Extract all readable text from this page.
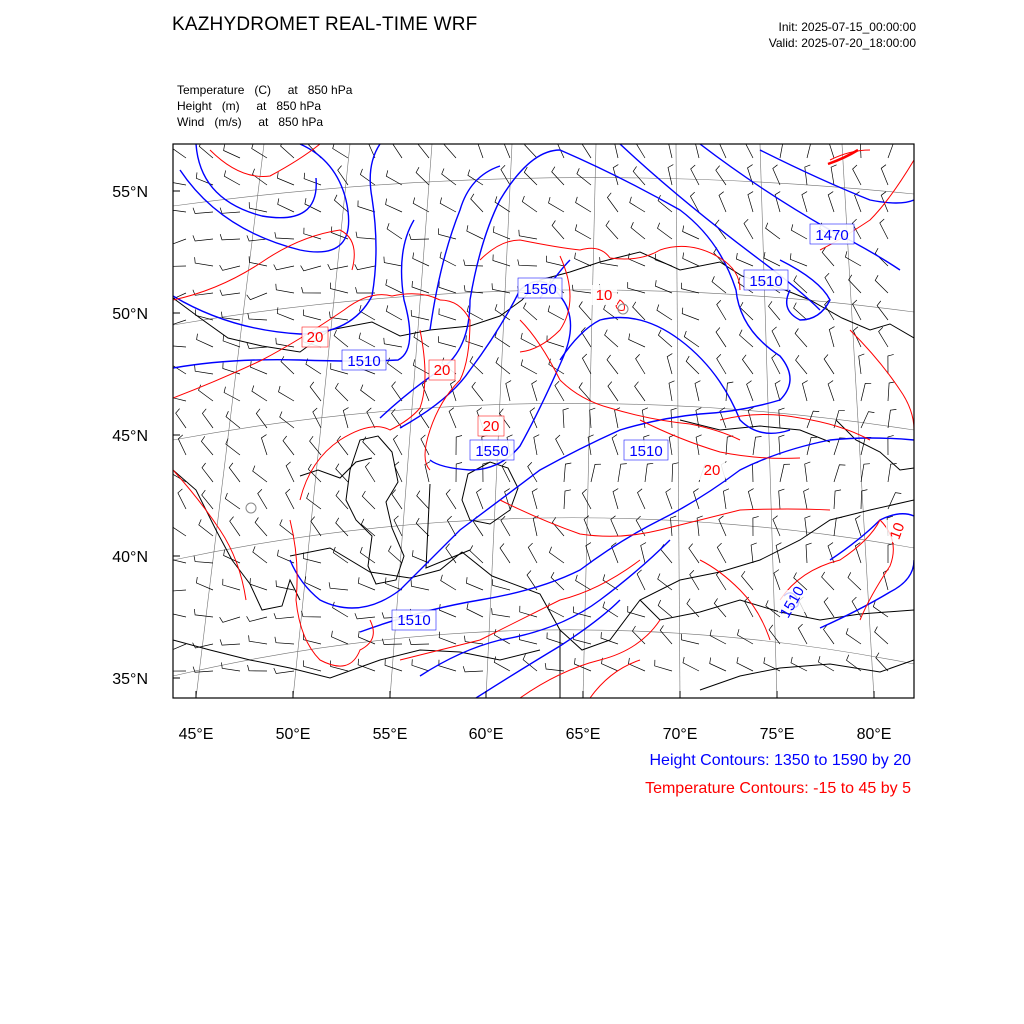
KAZHYDROMET REAL-TIME WRF	Init: 2025-07-15_00:00:00
Valid: 2025-07-20_18:00:00
Temperature   (C)     at   850 hPa
Height   (m)     at   850 hPa
Wind   (m/s)     at   850 hPa
1470
1510
1550
1510
1510
1550
1510	1510
10
20
20
20
20
10
55°N
50°N
45°N
40°N
35°N
45°E	50°E	55°E	60°E	65°E	70°E	75°E	80°E
Height Contours: 1350 to 1590 by 20
Temperature Contours: -15 to 45 by 5
